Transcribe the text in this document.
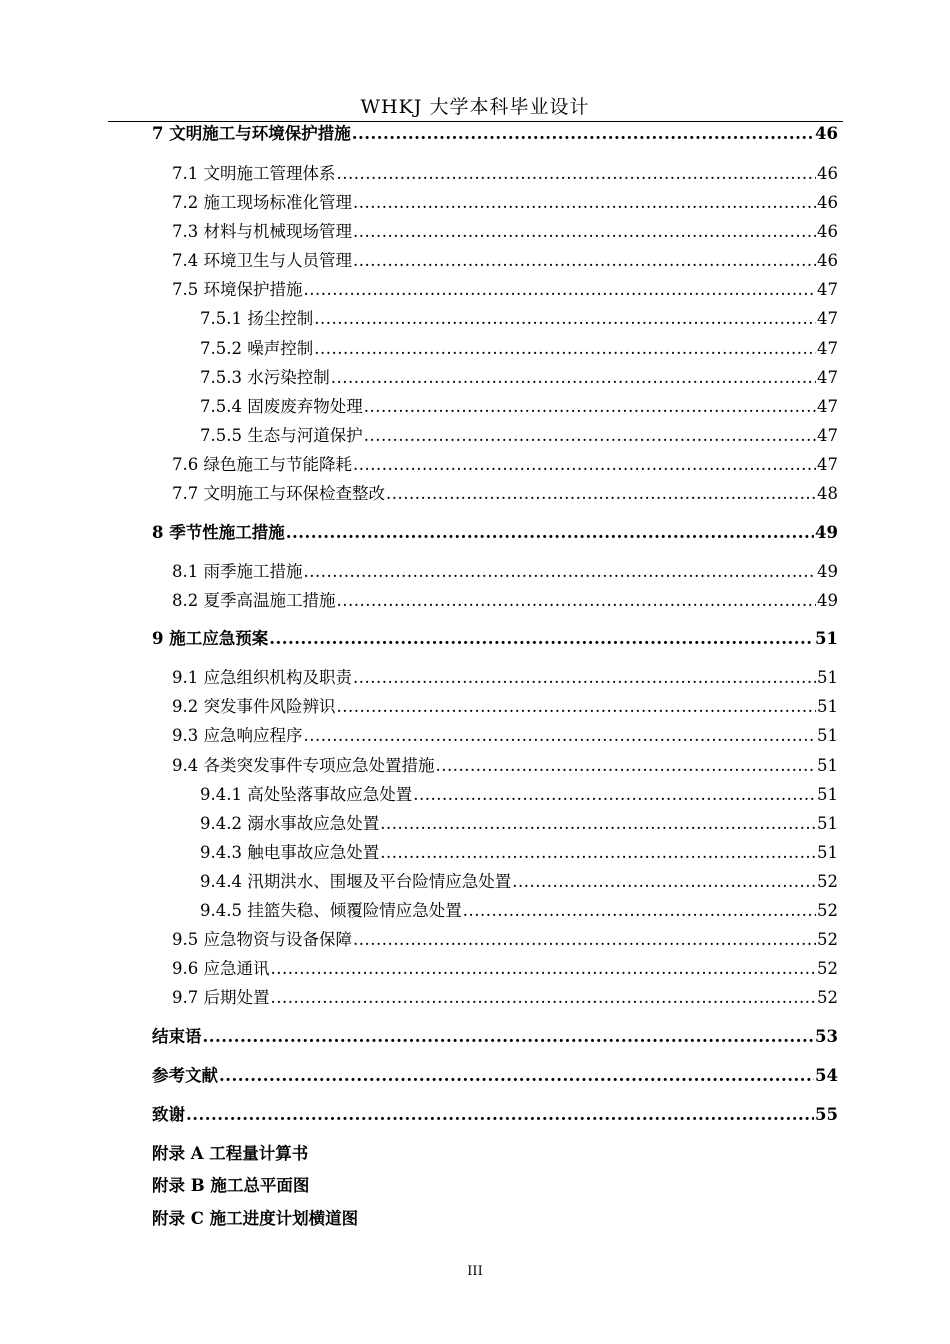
WHKJ 大学本科毕业设计
7 文明施工与环境保护措施 .....	46
7.1 文明施工管理体系 .....	46
7.2 施工现场标准化管理 .....	46
7.3 材料与机械现场管理 .....	46
7.4 环境卫生与人员管理 .....	46
7.5 环境保护措施 .....	47
7.5.1 扬尘控制 .....	47
7.5.2 噪声控制 .....	47
7.5.3 水污染控制 .....	47
7.5.4 固废废弃物处理 .....	47
7.5.5 生态与河道保护 .....	47
7.6 绿色施工与节能降耗 .....	47
7.7 文明施工与环保检查整改 .....	48
8 季节性施工措施 .....	49
8.1 雨季施工措施 .....	49
8.2 夏季高温施工措施 .....	49
9 施工应急预案 .....	51
9.1 应急组织机构及职责 .....	51
9.2 突发事件风险辨识 .....	51
9.3 应急响应程序 .....	51
9.4 各类突发事件专项应急处置措施 .....	51
9.4.1 高处坠落事故应急处置 .....	51
9.4.2 溺水事故应急处置 .....	51
9.4.3 触电事故应急处置 .....	51
9.4.4 汛期洪水、围堰及平台险情应急处置 .....	52
9.4.5 挂篮失稳、倾覆险情应急处置 .....	52
9.5 应急物资与设备保障 .....	52
9.6 应急通讯 .....	52
9.7 后期处置 .....	52
结束语 .....	53
参考文献 .....	54
致谢 .....	55
附录 A 工程量计算书
附录 B 施工总平面图
附录 C 施工进度计划横道图
III
